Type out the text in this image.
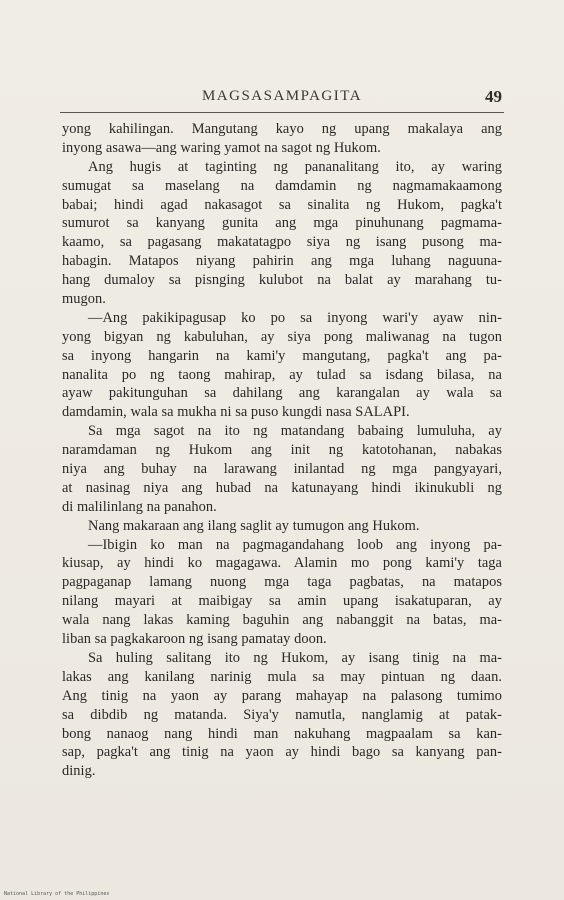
MAGSASAMPAGITA	49
yong kahilingan. Mangutang kayo ng upang makalaya ang
inyong asawa—ang waring yamot na sagot ng Hukom.
Ang hugis at taginting ng pananalitang ito, ay waring
sumugat sa maselang na damdamin ng nagmamakaamong
babai; hindi agad nakasagot sa sinalita ng Hukom, pagka't
sumurot sa kanyang gunita ang mga pinuhunang pagmama-
kaamo, sa pagasang makatatagpo siya ng isang pusong ma-
habagin. Matapos niyang pahirin ang mga luhang naguuna-
hang dumaloy sa pisnging kulubot na balat ay marahang tu-
mugon.
—Ang pakikipagusap ko po sa inyong wari'y ayaw nin-
yong bigyan ng kabuluhan, ay siya pong maliwanag na tugon
sa inyong hangarin na kami'y mangutang, pagka't ang pa-
nanalita po ng taong mahirap, ay tulad sa isdang bilasa, na
ayaw pakitunguhan sa dahilang ang karangalan ay wala sa
damdamin, wala sa mukha ni sa puso kungdi nasa SALAPI.
Sa mga sagot na ito ng matandang babaing lumuluha, ay
naramdaman ng Hukom ang init ng katotohanan, nabakas
niya ang buhay na larawang inilantad ng mga pangyayari,
at nasinag niya ang hubad na katunayang hindi ikinukubli ng
di malilinlang na panahon.
Nang makaraan ang ilang saglit ay tumugon ang Hukom.
—Ibigin ko man na pagmagandahang loob ang inyong pa-
kiusap, ay hindi ko magagawa. Alamin mo pong kami'y taga
pagpaganap lamang nuong mga taga pagbatas, na matapos
nilang mayari at maibigay sa amin upang isakatuparan, ay
wala nang lakas kaming baguhin ang nabanggit na batas, ma-
liban sa pagkakaroon ng isang pamatay doon.
Sa huling salitang ito ng Hukom, ay isang tinig na ma-
lakas ang kanilang narinig mula sa may pintuan ng daan.
Ang tinig na yaon ay parang mahayap na palasong tumimo
sa dibdib ng matanda. Siya'y namutla, nanglamig at patak-
bong nanaog nang hindi man nakuhang magpaalam sa kan-
sap, pagka't ang tinig na yaon ay hindi bago sa kanyang pan-
dinig.
National Library of the Philippines
